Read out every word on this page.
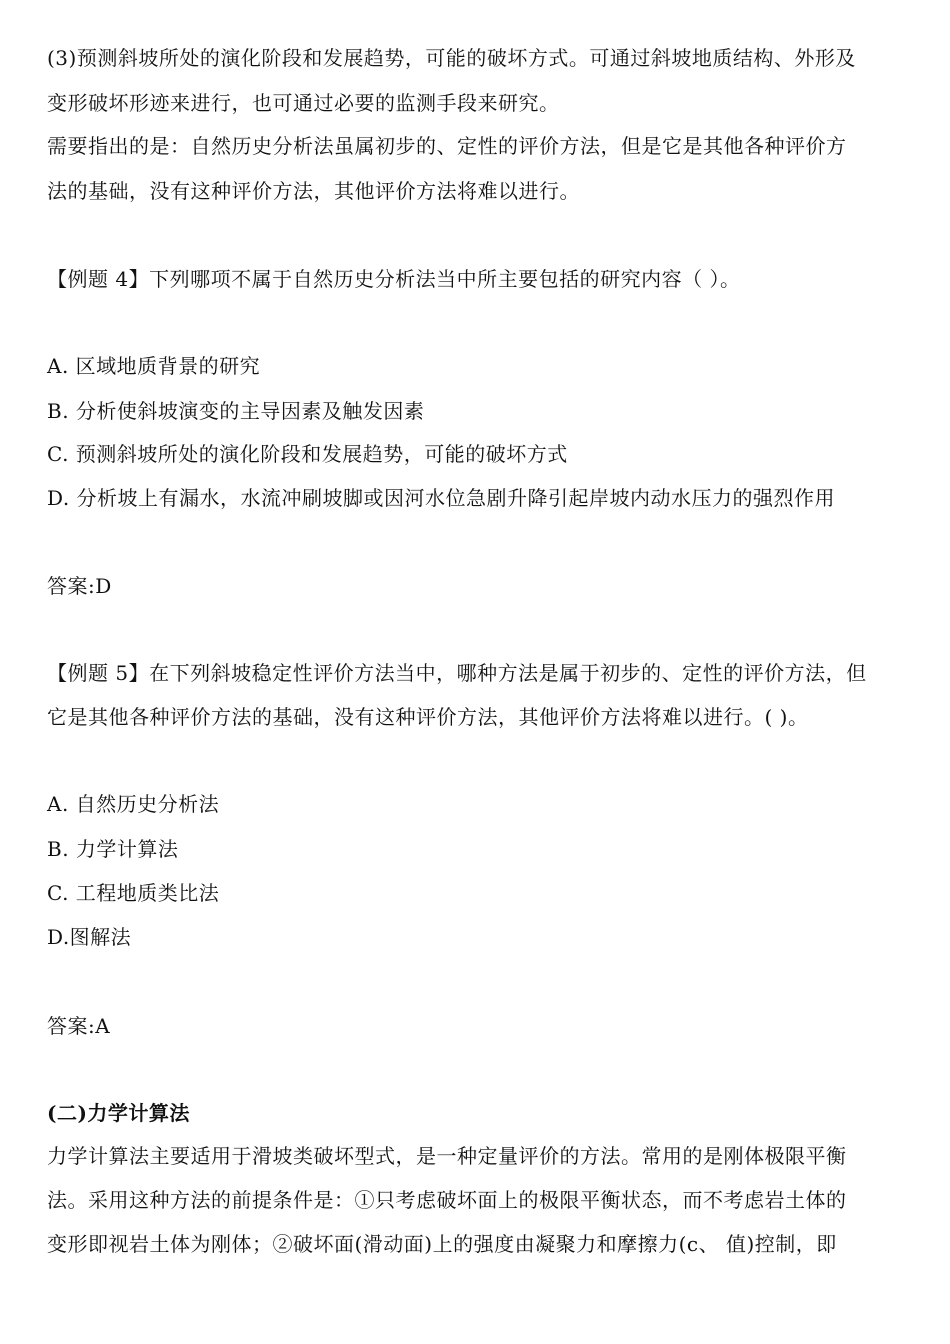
(3)预测斜坡所处的演化阶段和发展趋势，可能的破坏方式。可通过斜坡地质结构、外形及
变形破坏形迹来进行，也可通过必要的监测手段来研究。
需要指出的是：自然历史分析法虽属初步的、定性的评价方法，但是它是其他各种评价方
法的基础，没有这种评价方法，其他评价方法将难以进行。
【例题 4】下列哪项不属于自然历史分析法当中所主要包括的研究内容（ ）。
A. 区域地质背景的研究
B. 分析使斜坡演变的主导因素及触发因素
C. 预测斜坡所处的演化阶段和发展趋势，可能的破坏方式
D. 分析坡上有漏水，水流冲刷坡脚或因河水位急剧升降引起岸坡内动水压力的强烈作用
答案:D
【例题 5】在下列斜坡稳定性评价方法当中，哪种方法是属于初步的、定性的评价方法，但
它是其他各种评价方法的基础，没有这种评价方法，其他评价方法将难以进行。( )。
A. 自然历史分析法
B. 力学计算法
C. 工程地质类比法
D.图解法
答案:A
(二)力学计算法
力学计算法主要适用于滑坡类破坏型式，是一种定量评价的方法。常用的是刚体极限平衡
法。采用这种方法的前提条件是：①只考虑破坏面上的极限平衡状态，而不考虑岩土体的
变形即视岩土体为刚体；②破坏面(滑动面)上的强度由凝聚力和摩擦力(c、 值)控制，即
